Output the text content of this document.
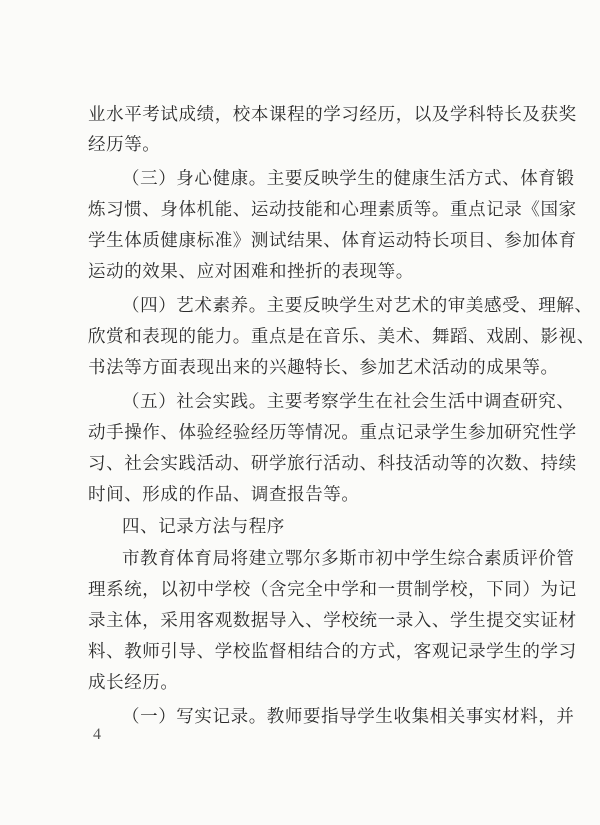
业水平考试成绩，校本课程的学习经历，以及学科特长及获奖
经历等。
（三）身心健康。主要反映学生的健康生活方式、体育锻
炼习惯、身体机能、运动技能和心理素质等。重点记录《国家
学生体质健康标准》测试结果、体育运动特长项目、参加体育
运动的效果、应对困难和挫折的表现等。
（四）艺术素养。主要反映学生对艺术的审美感受、理解、
欣赏和表现的能力。重点是在音乐、美术、舞蹈、戏剧、影视、
书法等方面表现出来的兴趣特长、参加艺术活动的成果等。
（五）社会实践。主要考察学生在社会生活中调查研究、
动手操作、体验经验经历等情况。重点记录学生参加研究性学
习、社会实践活动、研学旅行活动、科技活动等的次数、持续
时间、形成的作品、调查报告等。
四、记录方法与程序
市教育体育局将建立鄂尔多斯市初中学生综合素质评价管
理系统，以初中学校（含完全中学和一贯制学校，下同）为记
录主体，采用客观数据导入、学校统一录入、学生提交实证材
料、教师引导、学校监督相结合的方式，客观记录学生的学习
成长经历。
（一）写实记录。教师要指导学生收集相关事实材料，并
4
